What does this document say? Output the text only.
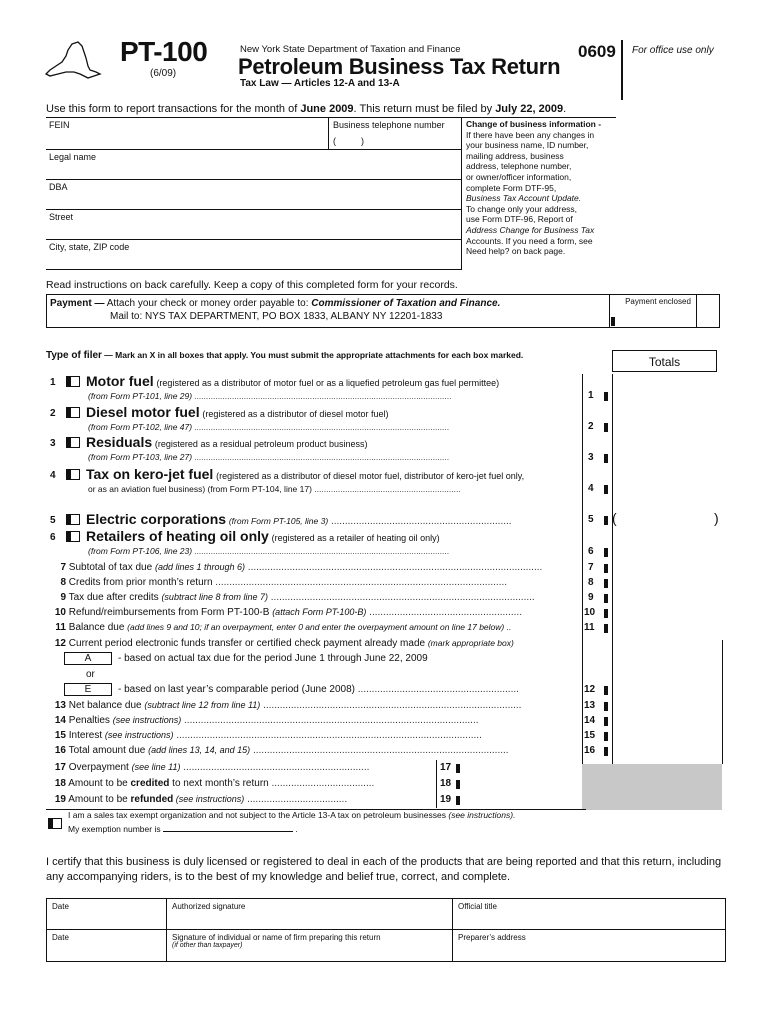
PT-100
(6/09)
New York State Department of Taxation and Finance
Petroleum Business Tax Return
Tax Law — Articles 12-A and 13-A
0609 For office use only
Use this form to report transactions for the month of June 2009. This return must be filed by July 22, 2009.
FEIN	Business telephone number
(          )
Legal name
DBA
Street
City, state, ZIP code
Change of business information -
If there have been any changes in
your business name, ID number,
mailing address, business
address, telephone number,
or owner/officer information,
complete Form DTF-95,
Business Tax Account Update.
To change only your address,
use Form DTF-96, Report of
Address Change for Business Tax
Accounts. If you need a form, see
Need help? on back page.
Read instructions on back carefully. Keep a copy of this completed form for your records.
Payment — Attach your check or money order payable to: Commissioner of Taxation and Finance.
Mail to: NYS TAX DEPARTMENT, PO BOX 1833, ALBANY NY 12201-1833
Payment enclosed
Type of filer — Mark an X in all boxes that apply. You must submit the appropriate attachments for each box marked.	Totals
1 Motor fuel (registered as a distributor of motor fuel or as a liquefied petroleum gas fuel permittee)
(from Form PT-101, line 29) .............................................................................................................	1
2 Diesel motor fuel (registered as a distributor of diesel motor fuel)
(from Form PT-102, line 47) ............................................................................................................	2
3 Residuals (registered as a residual petroleum product business)
(from Form PT-103, line 27) ............................................................................................................	3
4 Tax on kero-jet fuel (registered as a distributor of diesel motor fuel, distributor of kero-jet fuel only,
or as an aviation fuel business) (from Form PT-104, line 17) ..............................................................	4
5 Electric corporations (from Form PT-105, line 3) .................................................................	5 (	)
6 Retailers of heating oil only (registered as a retailer of heating oil only)
(from Form PT-106, line 23) ............................................................................................................	6
7 Subtotal of tax due (add lines 1 through 6) ..........................................................................................................	7
8 Credits from prior month’s return .........................................................................................................	8
9 Tax due after credits (subtract line 8 from line 7) ...............................................................................................	9
10 Refund/reimbursements from Form PT-100-B (attach Form PT-100-B) .......................................................	10
11 Balance due (add lines 9 and 10; if an overpayment, enter 0 and enter the overpayment amount on line 17 below) ..	11
12 Current period electronic funds transfer or certified check payment already made (mark appropriate box)
A	- based on actual tax due for the period June 1 through June 22, 2009
or
E	- based on last year’s comparable period (June 2008) ..........................................................	12
13 Net balance due (subtract line 12 from line 11) .............................................................................................	13
14 Penalties (see instructions) ..........................................................................................................	14
15 Interest (see instructions) ..............................................................................................................	15
16 Total amount due (add lines 13, 14, and 15) ............................................................................................	16
17 Overpayment (see line 11) ...................................................................	17
18 Amount to be credited to next month’s return .....................................	18
19 Amount to be refunded (see instructions) ....................................	19
I am a sales tax exempt organization and not subject to the Article 13-A tax on petroleum businesses (see instructions).
My exemption number is	.
I certify that this business is duly licensed or registered to deal in each of the products that are being reported and that this return, including any accompanying riders, is to the best of my knowledge and belief true, correct, and complete.
Date	Authorized signature	Official title
Date	Signature of individual or name of firm preparing this return
(if other than taxpayer)
Preparer’s address
